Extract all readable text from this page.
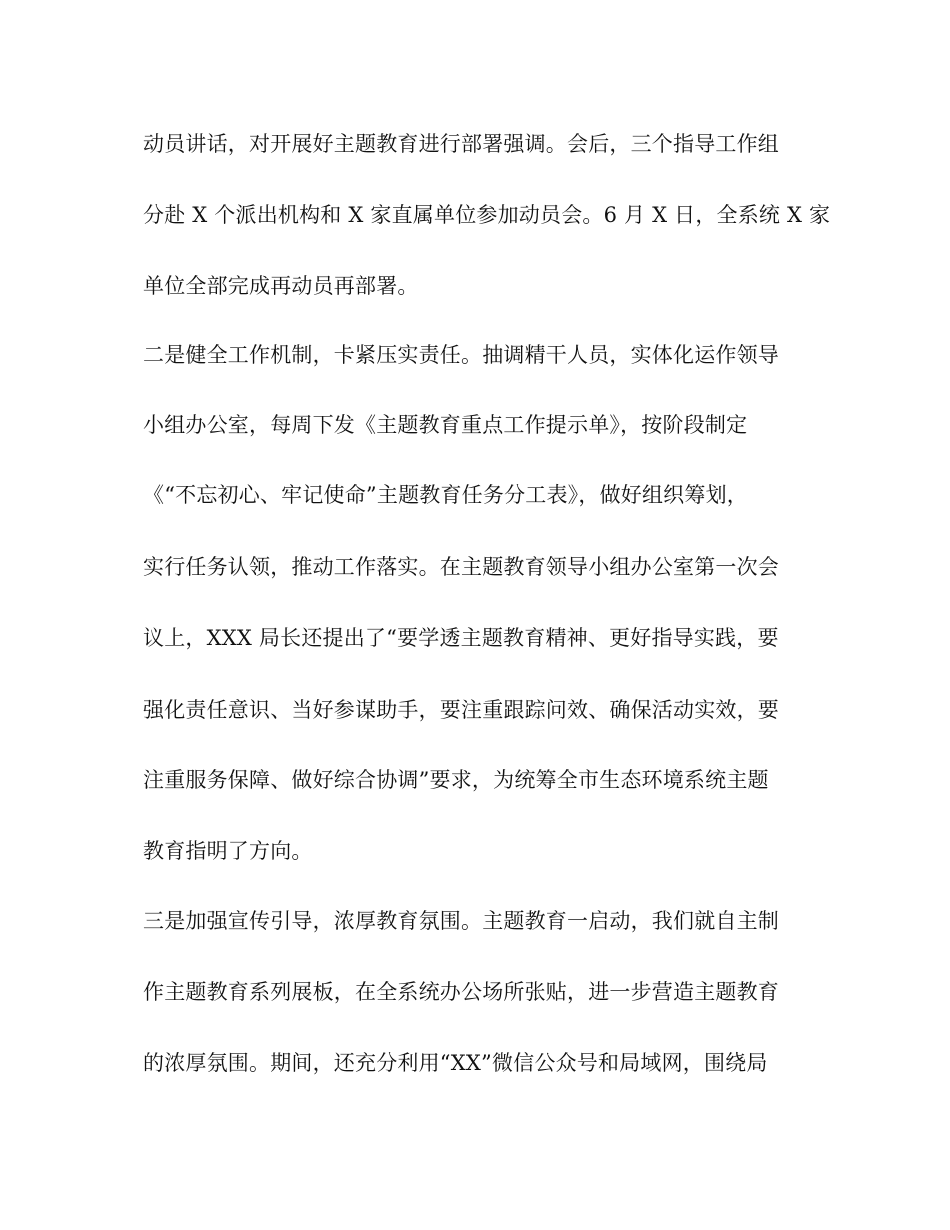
动员讲话，对开展好主题教育进行部署强调。会后，三个指导工作组
分赴 X 个派出机构和 X 家直属单位参加动员会。6 月 X 日，全系统 X 家
单位全部完成再动员再部署。
二是健全工作机制，卡紧压实责任。抽调精干人员，实体化运作领导
小组办公室，每周下发《主题教育重点工作提示单》，按阶段制定
《“不忘初心、牢记使命”主题教育任务分工表》，做好组织筹划，
实行任务认领，推动工作落实。在主题教育领导小组办公室第一次会
议上，XXX 局长还提出了“要学透主题教育精神、更好指导实践，要
强化责任意识、当好参谋助手，要注重跟踪问效、确保活动实效，要
注重服务保障、做好综合协调”要求，为统筹全市生态环境系统主题
教育指明了方向。
三是加强宣传引导，浓厚教育氛围。主题教育一启动，我们就自主制
作主题教育系列展板，在全系统办公场所张贴，进一步营造主题教育
的浓厚氛围。期间，还充分利用“XX”微信公众号和局域网，围绕局
